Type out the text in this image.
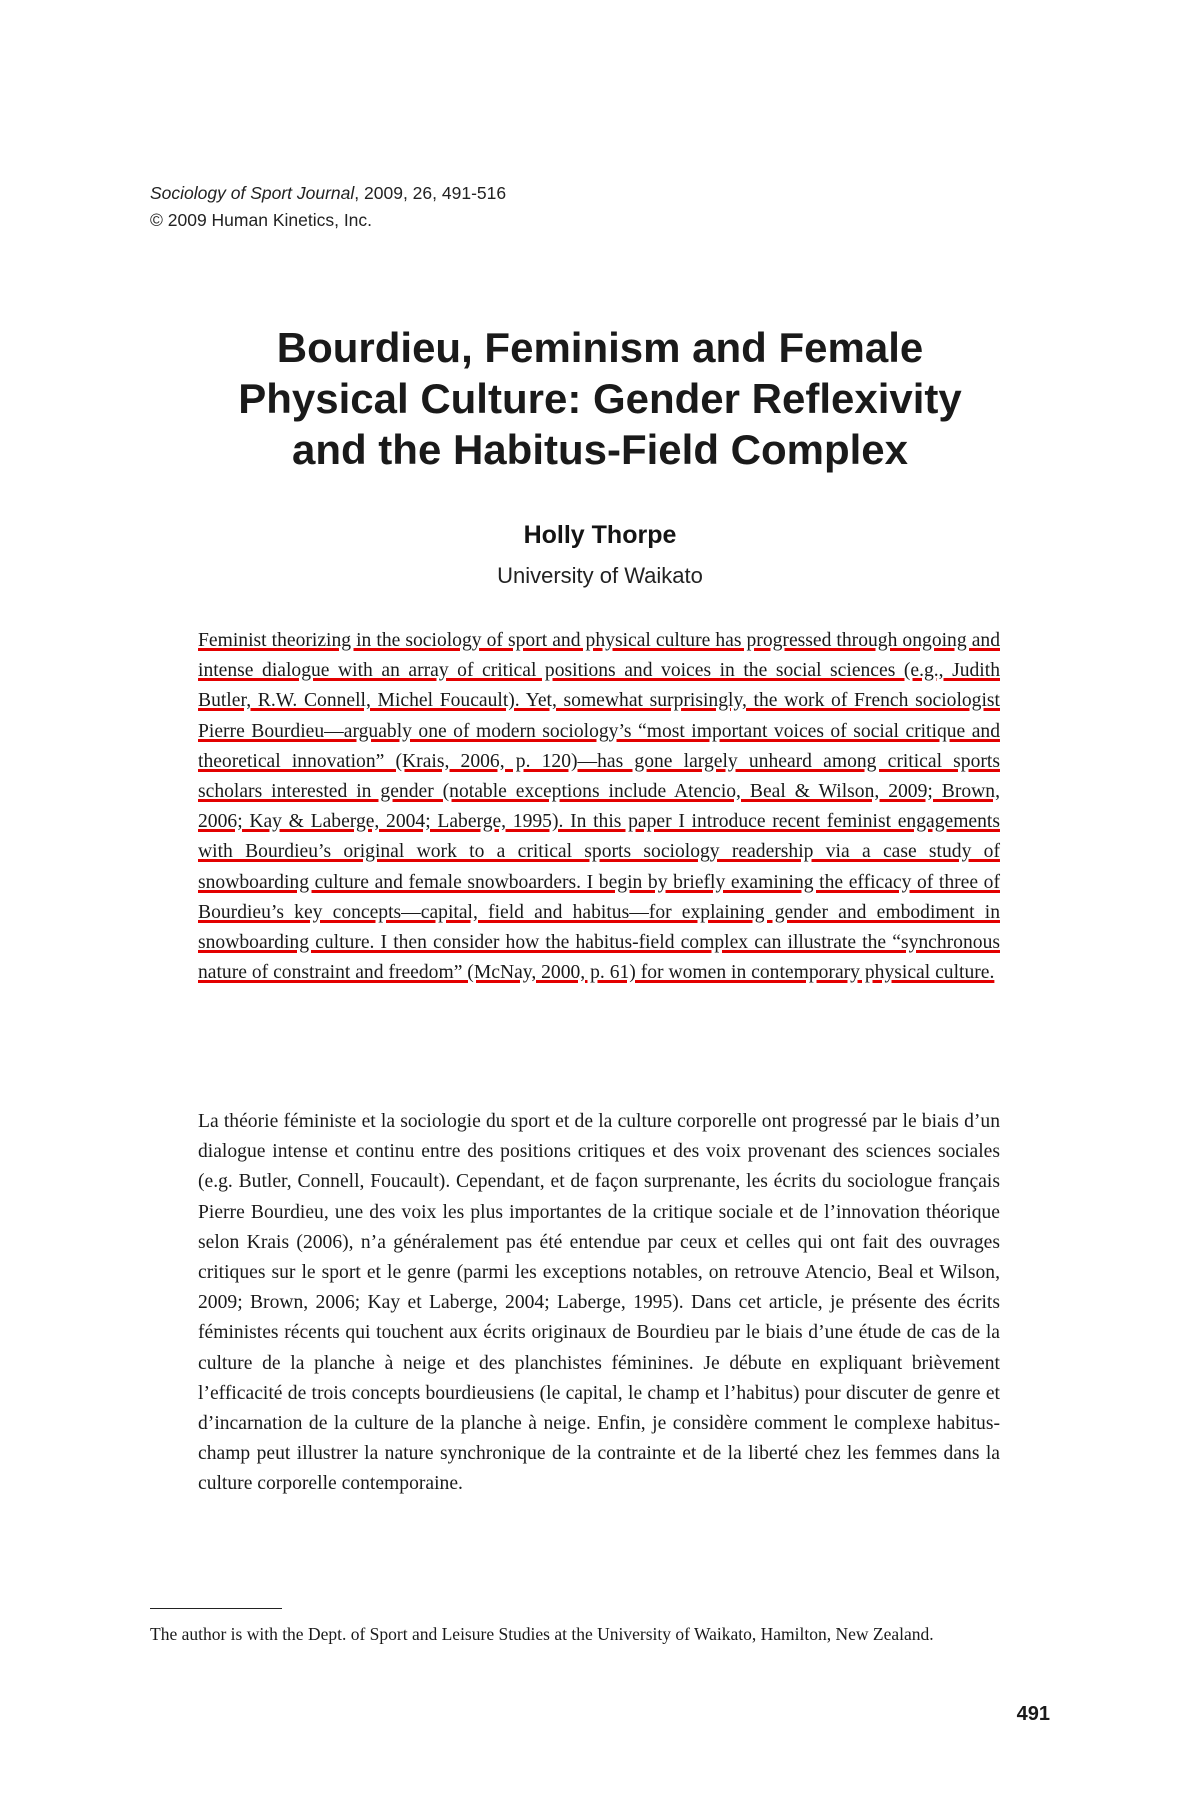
Sociology of Sport Journal, 2009, 26, 491-516
© 2009 Human Kinetics, Inc.
Bourdieu, Feminism and Female
Physical Culture: Gender Reflexivity
and the Habitus-Field Complex
Holly Thorpe
University of Waikato

Feminist theorizing in the sociology of sport and physical culture has progressed through ongoing and intense dialogue with an array of critical positions and voices in the social sciences (e.g., Judith Butler, R.W. Connell, Michel Foucault). Yet, somewhat surprisingly, the work of French sociologist Pierre Bourdieu—arguably one of modern sociology’s “most important voices of social critique and theoretical innovation” (Krais, 2006, p. 120)—has gone largely unheard among critical sports scholars interested in gender (notable exceptions include Atencio, Beal & Wilson, 2009; Brown, 2006; Kay & Laberge, 2004; Laberge, 1995). In this paper I introduce recent feminist engagements with Bourdieu’s original work to a critical sports sociology readership via a case study of snowboarding culture and female snowboarders. I begin by briefly examining the efficacy of three of Bourdieu’s key concepts—capital, field and habitus—for explaining gender and embodiment in snowboarding culture. I then consider how the habitus-field complex can illustrate the “synchronous nature of constraint and freedom” (McNay, 2000, p. 61) for women in contemporary physical culture.

La théorie féministe et la sociologie du sport et de la culture corporelle ont progressé par le biais d’un dialogue intense et continu entre des positions critiques et des voix provenant des sciences sociales (e.g. Butler, Connell, Foucault). Cependant, et de façon surprenante, les écrits du sociologue français Pierre Bourdieu, une des voix les plus importantes de la critique sociale et de l’innovation théorique selon Krais (2006), n’a généralement pas été entendue par ceux et celles qui ont fait des ouvrages critiques sur le sport et le genre (parmi les exceptions notables, on retrouve Atencio, Beal et Wilson, 2009; Brown, 2006; Kay et Laberge, 2004; Laberge, 1995). Dans cet article, je présente des écrits féministes récents qui touchent aux écrits originaux de Bourdieu par le biais d’une étude de cas de la culture de la planche à neige et des planchistes féminines. Je débute en expliquant brièvement l’efficacité de trois concepts bourdieusiens (le capital, le champ et l’habitus) pour discuter de genre et d’incarnation de la culture de la planche à neige. Enfin, je considère comment le complexe habitus-champ peut illustrer la nature synchronique de la contrainte et de la liberté chez les femmes dans la culture corporelle contemporaine.

The author is with the Dept. of Sport and Leisure Studies at the University of Waikato, Hamilton, New Zealand.

491
